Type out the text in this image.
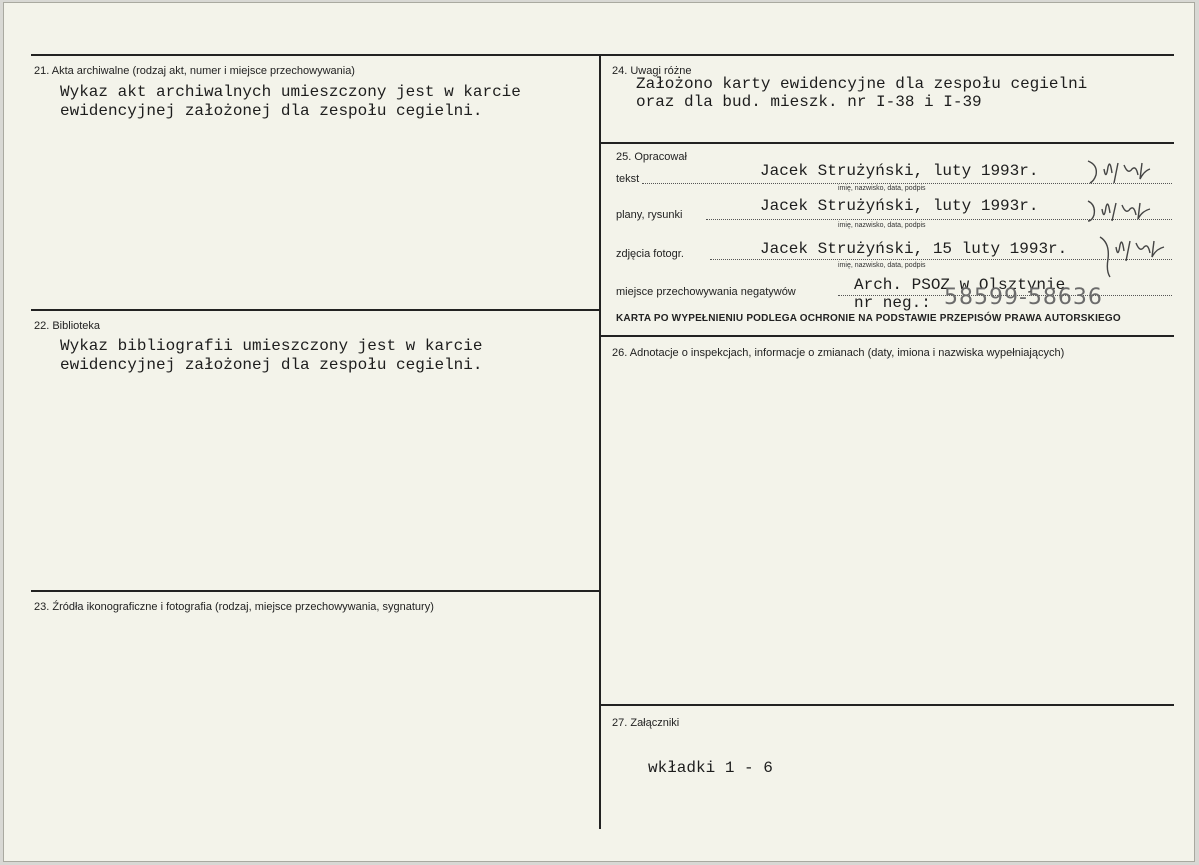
21. Akta archiwalne (rodzaj akt, numer i miejsce przechowywania)
Wykaz akt archiwalnych umieszczony jest w karcie
ewidencyjnej założonej dla zespołu cegielni.
22. Biblioteka
Wykaz bibliografii umieszczony jest w karcie
ewidencyjnej założonej dla zespołu cegielni.
23. Źródła ikonograficzne i fotografia (rodzaj, miejsce przechowywania, sygnatury)
24. Uwagi różne
Założono karty ewidencyjne dla zespołu cegielni
oraz dla bud. mieszk. nr I-38 i I-39
25. Opracował
tekst	Jacek Strużyński, luty 1993r.
imię, nazwisko, data, podpis
plany, rysunki	Jacek Strużyński, luty 1993r.
imię, nazwisko, data, podpis
zdjęcia fotogr.	Jacek Strużyński, 15 luty 1993r.
imię, nazwisko, data, podpis
miejsce przechowywania negatywów	Arch. PSOZ w Olsztynie
nr neg.: 58599-58636
KARTA PO WYPEŁNIENIU PODLEGA OCHRONIE NA PODSTAWIE PRZEPISÓW PRAWA AUTORSKIEGO
26. Adnotacje o inspekcjach, informacje o zmianach (daty, imiona i nazwiska wypełniających)
27. Załączniki
wkładki 1 - 6
